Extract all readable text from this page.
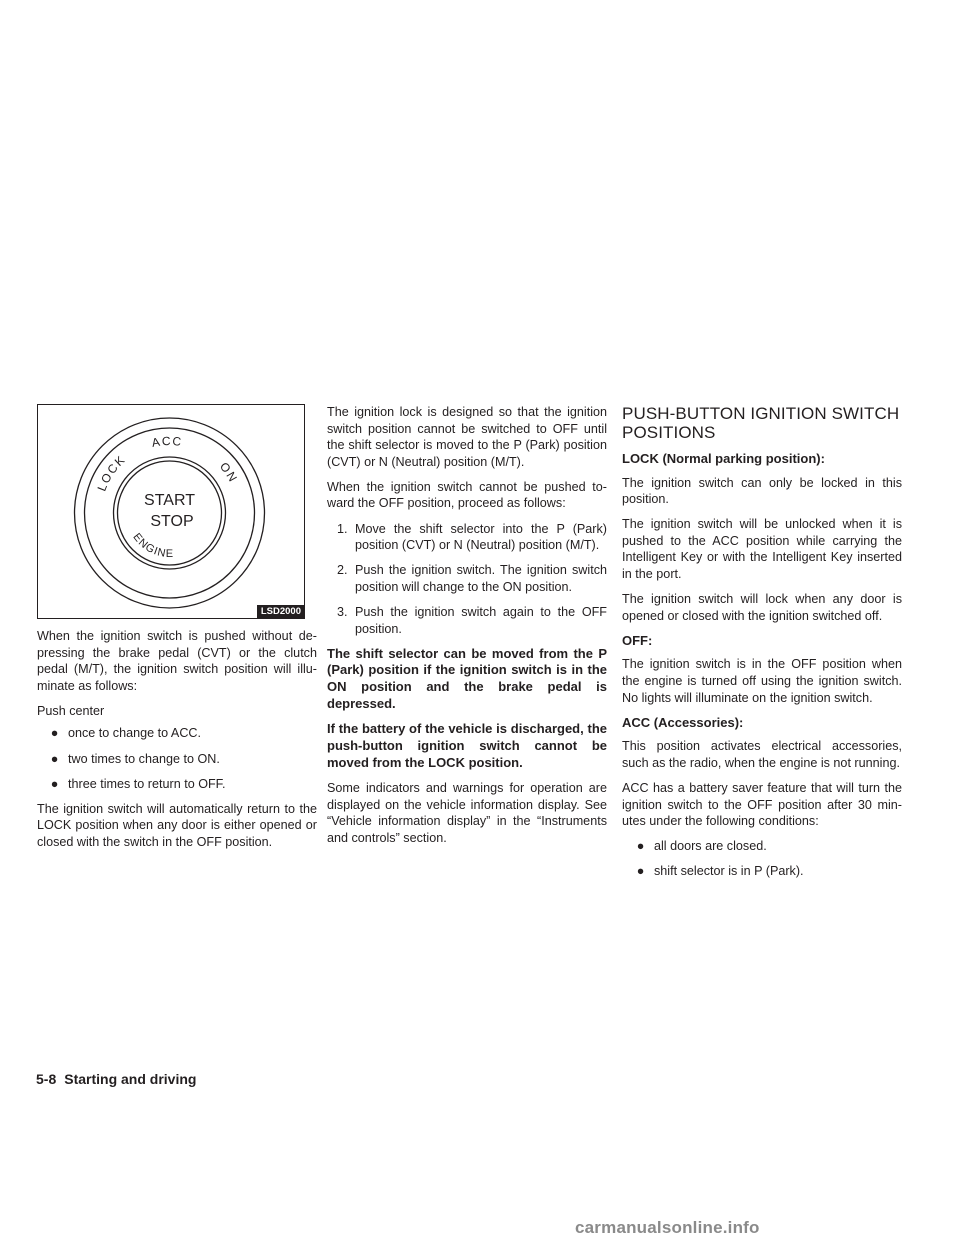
LOCK
ACC
ON
START
STOP
ENGINE
LSD2000

When the ignition switch is pushed without de-pressing the brake pedal (CVT) or the clutch pedal (M/T), the ignition switch position will illu-minate as follows:

Push center

● once to change to ACC.
● two times to change to ON.
● three times to return to OFF.

The ignition switch will automatically return to the LOCK position when any door is either opened or closed with the switch in the OFF position.

The ignition lock is designed so that the ignition switch position cannot be switched to OFF until the shift selector is moved to the P (Park) position (CVT) or N (Neutral) position (M/T).

When the ignition switch cannot be pushed to-ward the OFF position, proceed as follows:

1. Move the shift selector into the P (Park) position (CVT) or N (Neutral) position (M/T).
2. Push the ignition switch. The ignition switch position will change to the ON position.
3. Push the ignition switch again to the OFF position.

The shift selector can be moved from the P (Park) position if the ignition switch is in the ON position and the brake pedal is depressed.

If the battery of the vehicle is discharged, the push-button ignition switch cannot be moved from the LOCK position.

Some indicators and warnings for operation are displayed on the vehicle information display. See “Vehicle information display” in the “Instruments and controls” section.

PUSH-BUTTON IGNITION SWITCH POSITIONS
LOCK (Normal parking position):

The ignition switch can only be locked in this position.

The ignition switch will be unlocked when it is pushed to the ACC position while carrying the Intelligent Key or with the Intelligent Key inserted in the port.

The ignition switch will lock when any door is opened or closed with the ignition switched off.

OFF:

The ignition switch is in the OFF position when the engine is turned off using the ignition switch. No lights will illuminate on the ignition switch.

ACC (Accessories):

This position activates electrical accessories, such as the radio, when the engine is not running.

ACC has a battery saver feature that will turn the ignition switch to the OFF position after 30 min-utes under the following conditions:

● all doors are closed.
● shift selector is in P (Park).
5-8 Starting and driving
carmanualsonline.info
